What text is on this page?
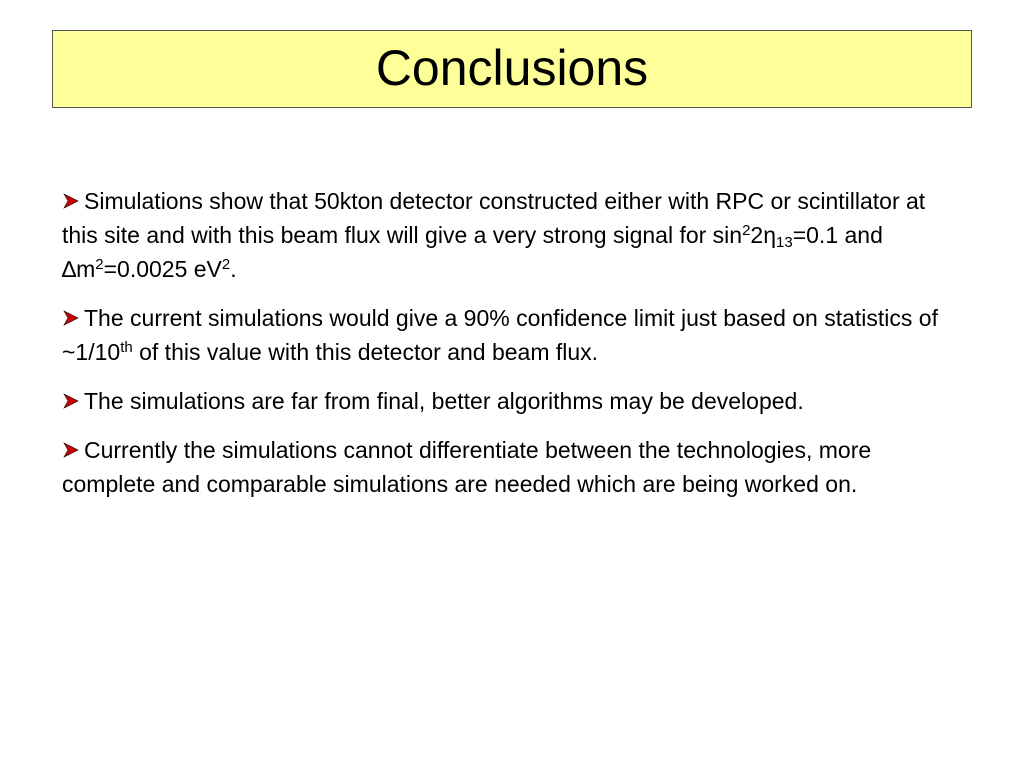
Conclusions

Simulations show that 50kton detector constructed either with RPC or scintillator at this site and with this beam flux will give a very strong signal for $\sin^22\eta_{13}=0.1$ and $\Delta m^2=0.0025$ $eV^2$.

The current simulations would give a 90% confidence limit just based on statistics of ~1/10th of this value with this detector and beam flux.

The simulations are far from final, better algorithms may be developed.

Currently the simulations cannot differentiate between the technologies, more complete and comparable simulations are needed which are being worked on.
